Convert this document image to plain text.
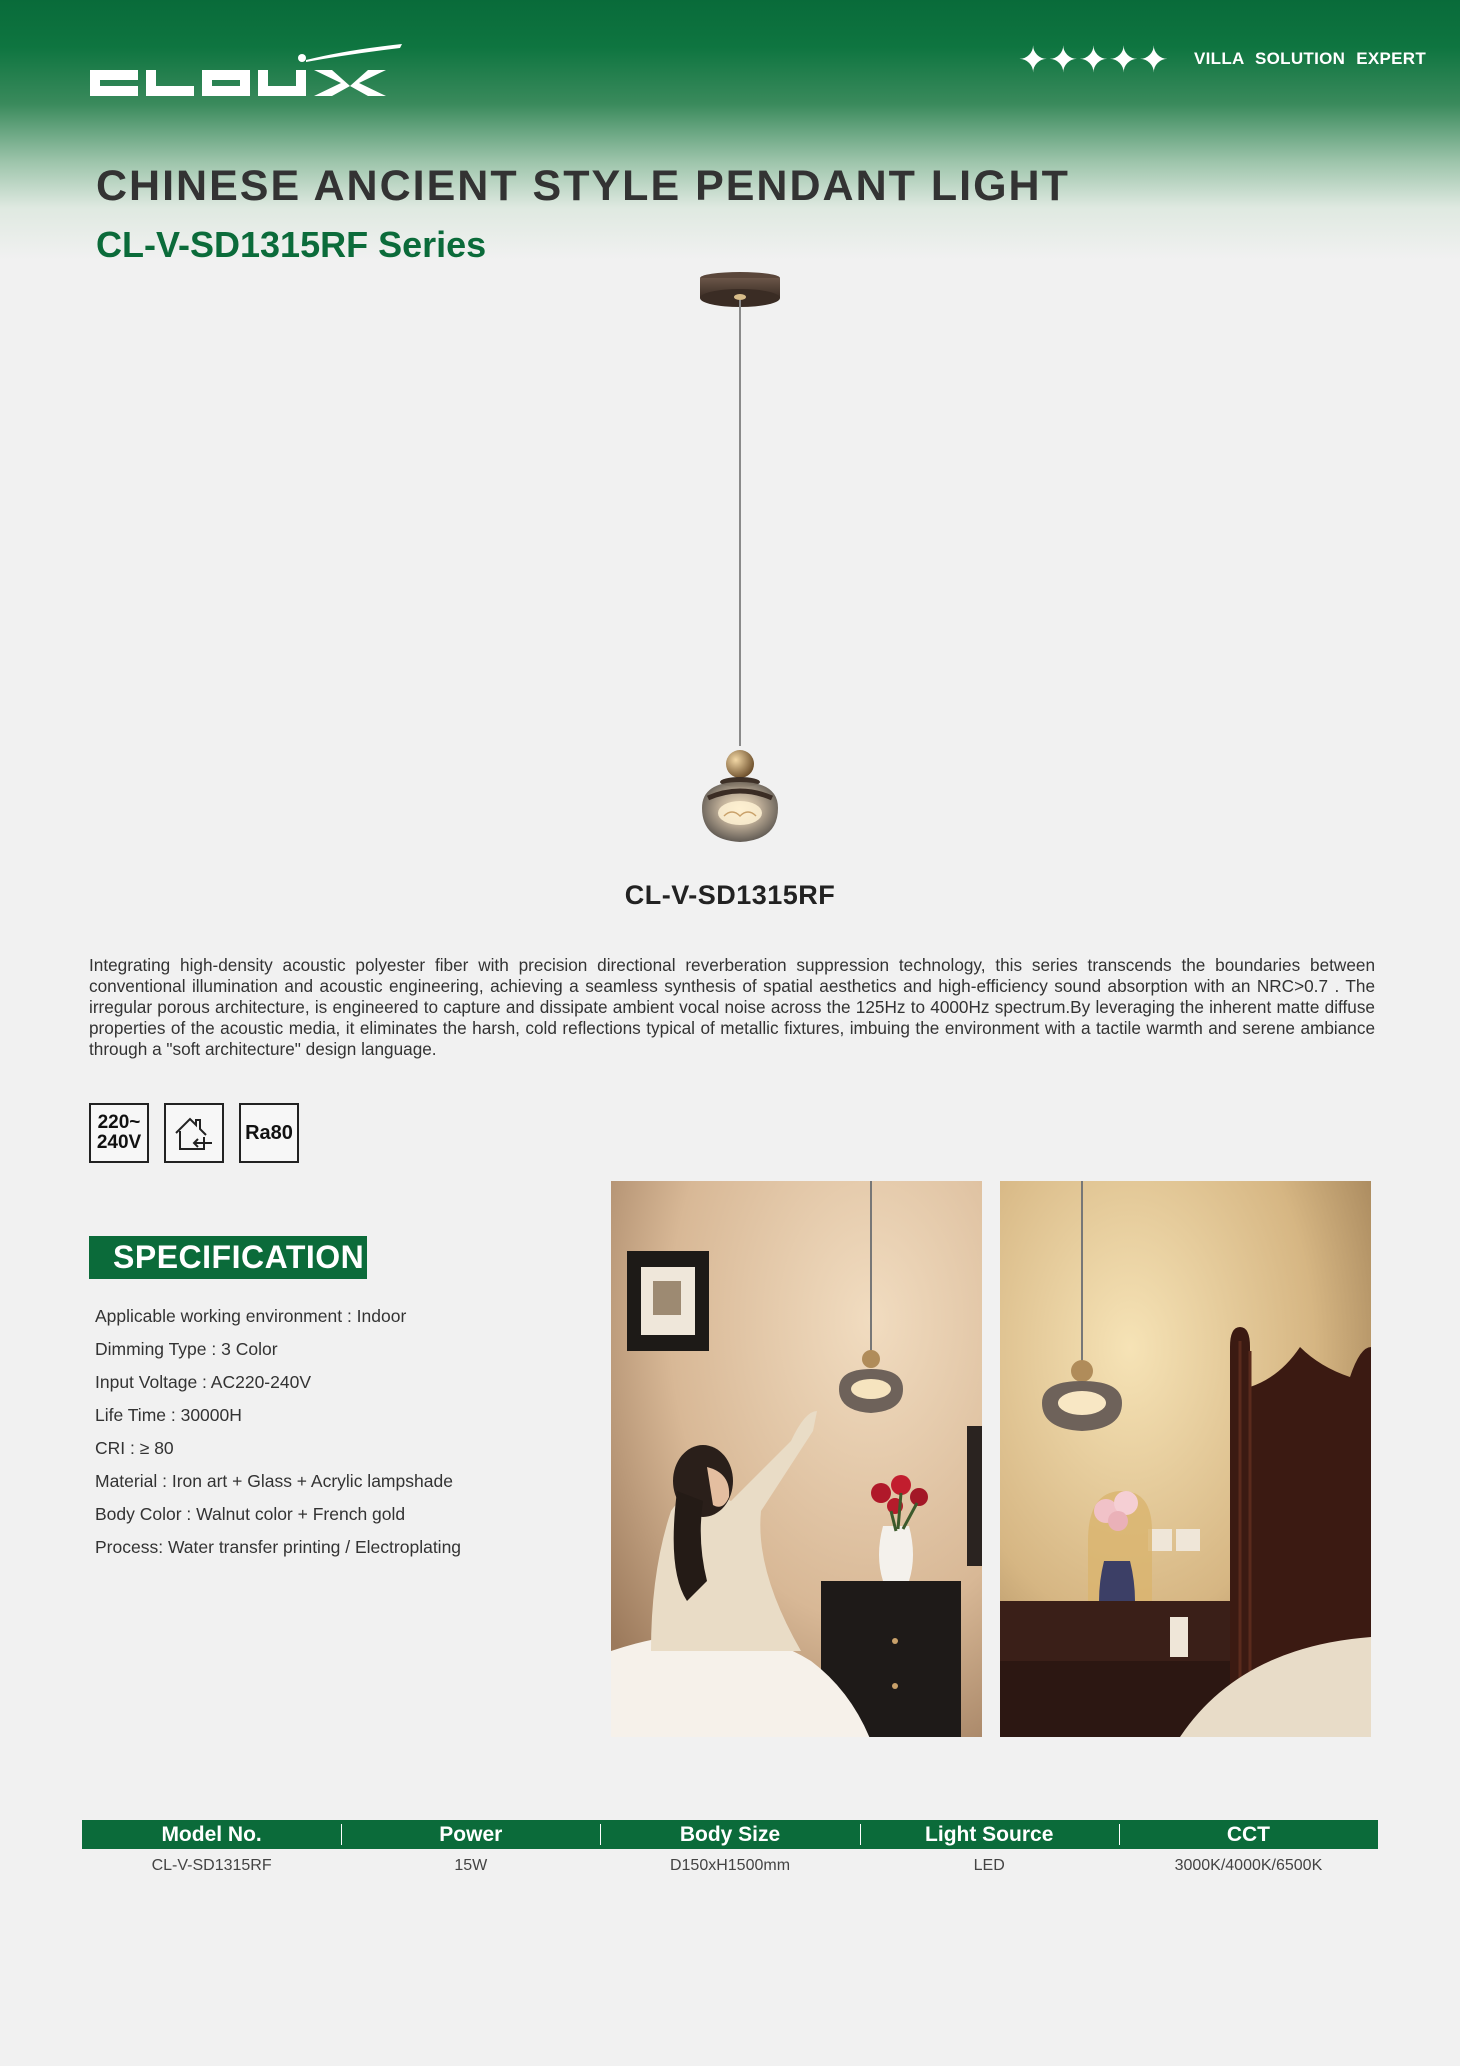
✦✦✦✦✦ VILLA SOLUTION EXPERT
CHINESE ANCIENT STYLE PENDANT LIGHT
CL-V-SD1315RF Series
CL-V-SD1315RF

Integrating high-density acoustic polyester fiber with precision directional reverberation suppression technology, this series transcends the boundaries between conventional illumination and acoustic engineering, achieving a seamless synthesis of spatial aesthetics and high-efficiency sound absorption with an NRC>0.7 . The irregular porous architecture, is engineered to capture and dissipate ambient vocal noise across the 125Hz to 4000Hz spectrum.By leveraging the inherent matte diffuse properties of the acoustic media, it eliminates the harsh, cold reflections typical of metallic fixtures, imbuing the environment with a tactile warmth and serene ambiance through a "soft architecture" design language.

220~
240V	Ra80
SPECIFICATION
Applicable working environment : Indoor
Dimming Type : 3 Color
Input Voltage : AC220-240V
Life Time : 30000H
CRI : ≥ 80
Material : Iron art + Glass + Acrylic lampshade
Body Color : Walnut color + French gold
Process: Water transfer printing / Electroplating
Model No.	Power	Body Size	Light Source	CCT
CL-V-SD1315RF	15W	D150xH1500mm	LED	3000K/4000K/6500K
